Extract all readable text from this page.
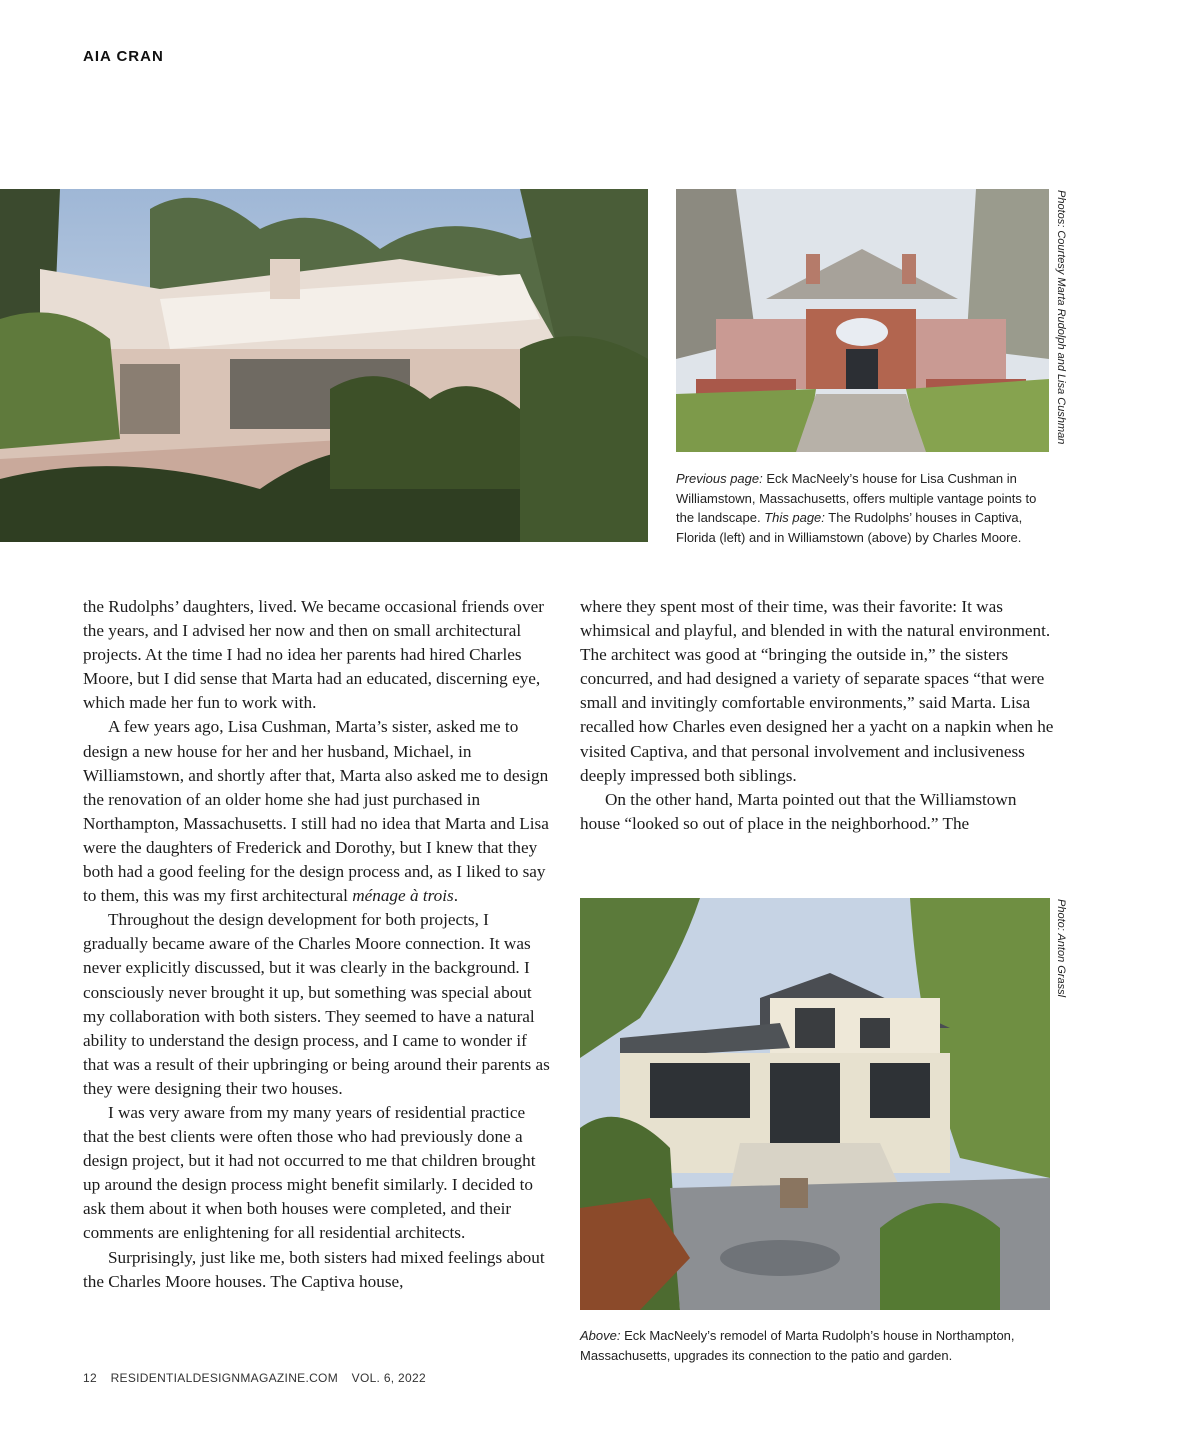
AIA CRAN
Photos: Courtesy Marta Rudolph and Lisa Cushman
Previous page: Eck MacNeely’s house for Lisa Cushman in Williamstown, Massachusetts, offers multiple vantage points to the landscape. This page: The Rudolphs’ houses in Captiva, Florida (left) and in Williamstown (above) by Charles Moore.

the Rudolphs’ daughters, lived. We became occasional friends over the years, and I advised her now and then on small architectural projects. At the time I had no idea her parents had hired Charles Moore, but I did sense that Marta had an educated, discerning eye, which made her fun to work with.

A few years ago, Lisa Cushman, Marta’s sister, asked me to design a new house for her and her husband, Michael, in Williamstown, and shortly after that, Marta also asked me to design the renovation of an older home she had just purchased in Northampton, Massachusetts. I still had no idea that Marta and Lisa were the daughters of Frederick and Dorothy, but I knew that they both had a good feeling for the design process and, as I liked to say to them, this was my first architectural ménage à trois.

Throughout the design development for both projects, I gradually became aware of the Charles Moore connection. It was never explicitly discussed, but it was clearly in the background. I consciously never brought it up, but something was special about my collaboration with both sisters. They seemed to have a natural ability to understand the design process, and I came to wonder if that was a result of their upbringing or being around their parents as they were designing their two houses.

I was very aware from my many years of residential practice that the best clients were often those who had previously done a design project, but it had not occurred to me that children brought up around the design process might benefit similarly. I decided to ask them about it when both houses were completed, and their comments are enlightening for all residential architects.

Surprisingly, just like me, both sisters had mixed feelings about the Charles Moore houses. The Captiva house,

where they spent most of their time, was their favorite: It was whimsical and playful, and blended in with the natural environment. The architect was good at “bringing the outside in,” the sisters concurred, and had designed a variety of separate spaces “that were small and invitingly comfortable environments,” said Marta. Lisa recalled how Charles even designed her a yacht on a napkin when he visited Captiva, and that personal involvement and inclusiveness deeply impressed both siblings.

On the other hand, Marta pointed out that the Williamstown house “looked so out of place in the neighborhood.” The

Photo: Anton Grassl
Above: Eck MacNeely’s remodel of Marta Rudolph’s house in Northampton, Massachusetts, upgrades its connection to the patio and garden.
12 RESIDENTIALDESIGNMAGAZINE.COM VOL. 6, 2022
